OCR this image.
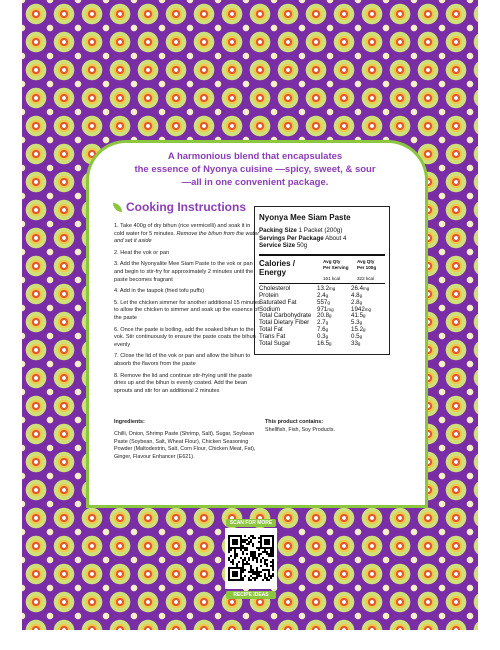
A harmonious blend that encapsulates
the essence of Nyonya cuisine —spicy, sweet, & sour
—all in one convenient package.
Cooking Instructions

1. Take 400g of dry bihun (rice vermicelli) and soak it in cold water for 5 minutes. Remove the bihun from the water and set it aside

2. Heat the vok or pan

3. Add the Nyonyalite Mee Siam Paste to the vok or pan and begin to stir-fry for approximately 2 minutes until the paste becomes fragrant

4. Add in the taupok (fried tofu puffs)

5. Let the chicken simmer for another additional 15 minutes to allow the chicken to simmer and soak up the essence of the paste

6. Once the paste is boiling, add the soaked bihun to the vok. Stir continuously to ensure the paste coats the bihun evenly

7. Close the lid of the vok or pan and allow the bihun to absorb the flavors from the paste

8. Remove the lid and continue stir-frying until the paste dries up and the bihun is evenly coated. Add the bean sprouts and stir for an additional 2 minutes

Nyonya Mee Siam Paste
Packing Size 1 Packet (200g)
Servings Per Package About 4
Service Size 50g
Calories /
Energy
Avg Qty
Per Serving

161 kcal
Avg Qty
Per 100g

322 kcal
Cholesterol	13.2mg	26.4mg
Protein	2.4g	4.8g
Saturated Fat	557g	2.8g
Sodium	971mg	1942mg
Total Carbohydrate 20.8g	41.5g
Total Dietary Fiber	2.7g	5.3g
Total Fat	7.6g	15.2g
Trans Fat	0.3g	0.5g
Total Sugar	16.5g	33g
Ingredients:
Chilli, Onion, Shrimp Paste (Shrimp, Salt), Sugar, Soybean Paste (Soybean, Salt, Wheat Flour), Chicken Seasoning Powder (Maltodextrin, Salt, Corn Flour, Chicken Meat, Fat), Ginger, Flavour Enhancer (E621).
This product contains:
Shellfish, Fish, Soy Products.
SCAN FOR MORE
RECIPE IDEAS
